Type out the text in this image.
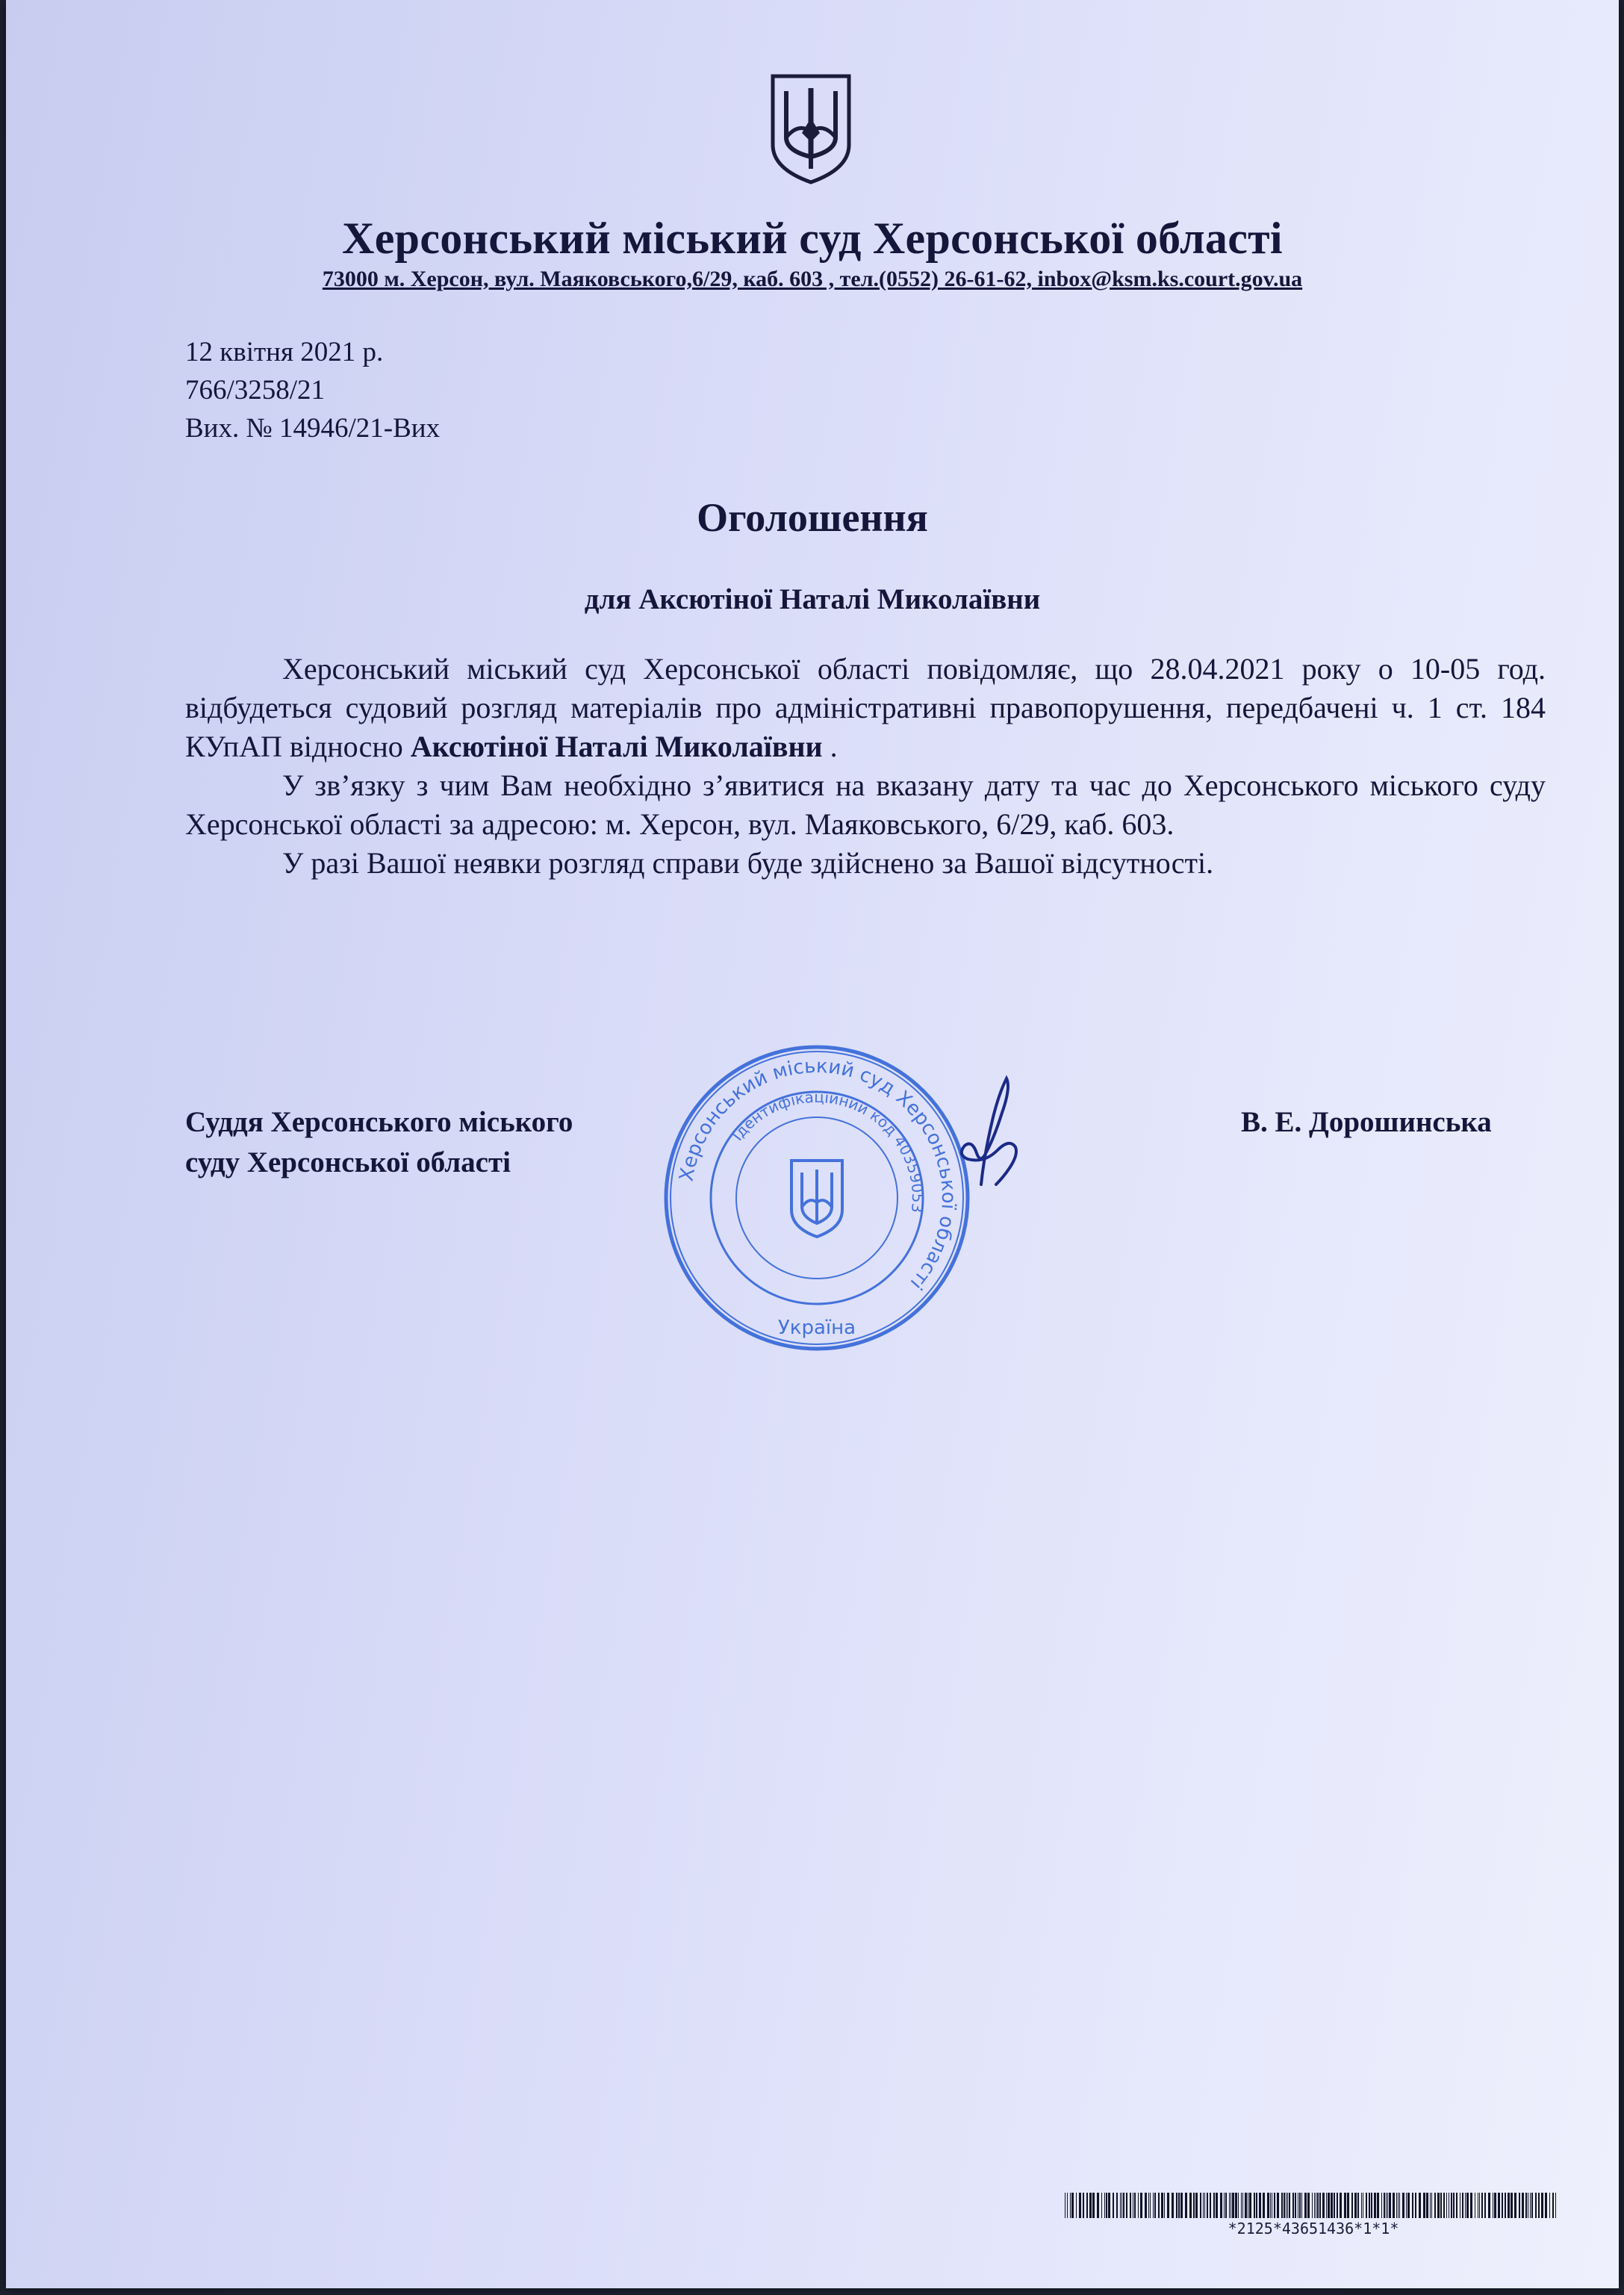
Херсонський міський суд Херсонської області
73000 м. Херсон, вул. Маяковського,6/29, каб. 603 , тел.(0552) 26-61-62, inbox@ksm.ks.court.gov.ua
12 квітня 2021 р.
766/3258/21
Вих. № 14946/21-Вих
Оголошення
для Аксютіної Наталі Миколаївни

Херсонський міський суд Херсонської області повідомляє, що 28.04.2021 року о 10-05 год. відбудеться судовий розгляд матеріалів про адміністративні правопорушення, передбачені ч. 1 ст. 184 КУпАП відносно Аксютіної Наталі Миколаївни .

У зв’язку з чим Вам необхідно з’явитися на вказану дату та час до Херсонського міського суду Херсонської області за адресою: м. Херсон, вул. Маяковського, 6/29, каб. 603.

У разі Вашої неявки розгляд справи буде здійснено за Вашої відсутності.

Суддя Херсонського міського
суду Херсонської області
В. Е. Дорошинська
Херсонський міський суд Херсонської області
Ідентифікаційний код 40359053
Україна
*2125*43651436*1*1*
